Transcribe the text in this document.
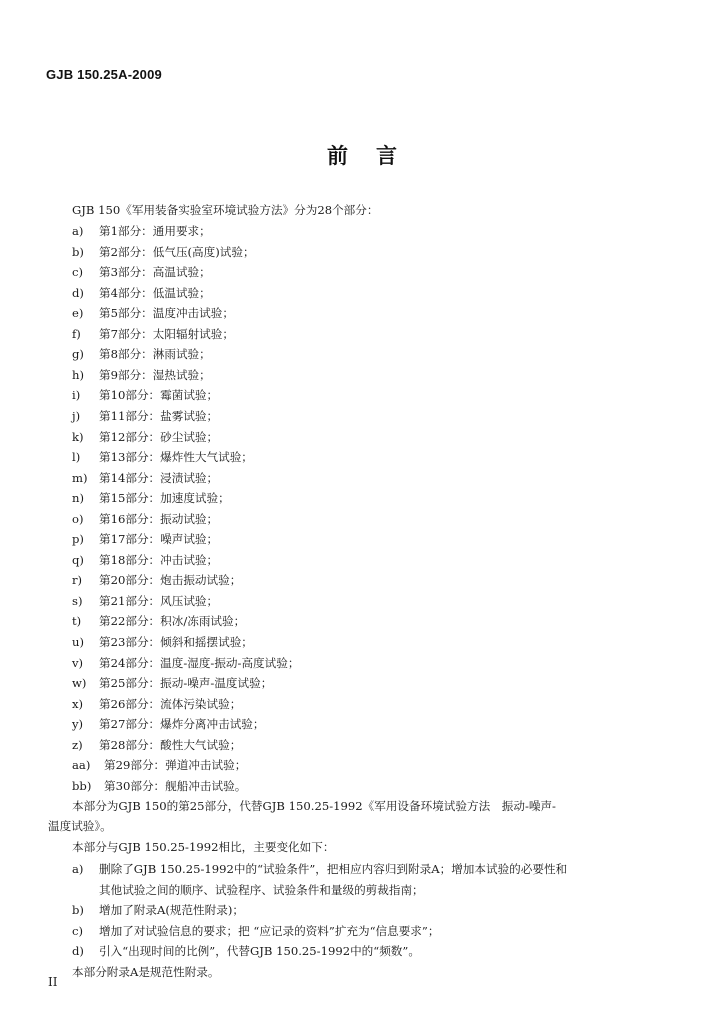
GJB 150.25A-2009
前言
GJB 150《军用装备实验室环境试验方法》分为28个部分：
a) 第1部分：通用要求；
b) 第2部分：低气压(高度)试验；
c) 第3部分：高温试验；
d) 第4部分：低温试验；
e) 第5部分：温度冲击试验；
f) 第7部分：太阳辐射试验；
g) 第8部分：淋雨试验；
h) 第9部分：湿热试验；
i) 第10部分：霉菌试验；
j) 第11部分：盐雾试验；
k) 第12部分：砂尘试验；
l) 第13部分：爆炸性大气试验；
m) 第14部分：浸渍试验；
n) 第15部分：加速度试验；
o) 第16部分：振动试验；
p) 第17部分：噪声试验；
q) 第18部分：冲击试验；
r) 第20部分：炮击振动试验；
s) 第21部分：风压试验；
t) 第22部分：积冰/冻雨试验；
u) 第23部分：倾斜和摇摆试验；
v) 第24部分：温度-湿度-振动-高度试验；
w) 第25部分：振动-噪声-温度试验；
x) 第26部分：流体污染试验；
y) 第27部分：爆炸分离冲击试验；
z) 第28部分：酸性大气试验；
aa) 第29部分：弹道冲击试验；
bb) 第30部分：舰船冲击试验。
本部分为GJB 150的第25部分，代替GJB 150.25-1992《军用设备环境试验方法　振动-噪声-
温度试验》。
本部分与GJB 150.25-1992相比，主要变化如下：
a) 删除了GJB 150.25-1992中的“试验条件”，把相应内容归到附录A；增加本试验的必要性和
其他试验之间的顺序、试验程序、试验条件和量级的剪裁指南；
b) 增加了附录A(规范性附录)；
c) 增加了对试验信息的要求；把 “应记录的资料”扩充为“信息要求”；
d) 引入“出现时间的比例”，代替GJB 150.25-1992中的“频数”。
本部分附录A是规范性附录。
II
